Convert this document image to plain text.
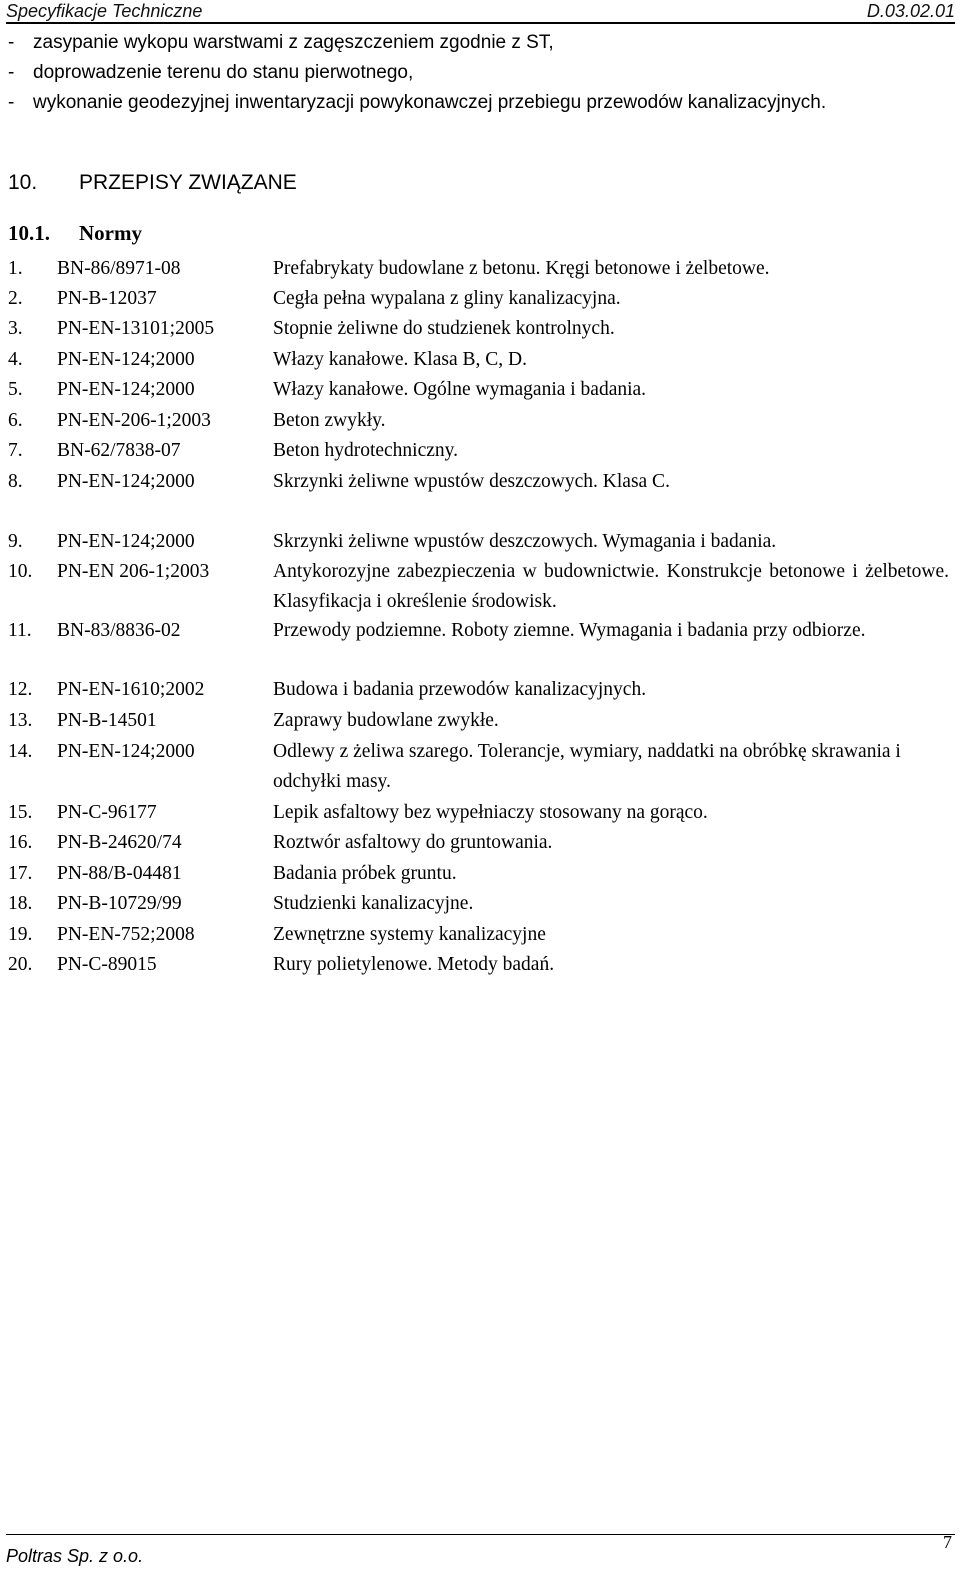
Specyfikacje Techniczne	D.03.02.01
- zasypanie wykopu warstwami z zagęszczeniem zgodnie z ST,
- doprowadzenie terenu do stanu pierwotnego,
- wykonanie geodezyjnej inwentaryzacji powykonawczej przebiegu przewodów kanalizacyjnych.
10. PRZEPISY ZWIĄZANE
10.1. Normy
1. BN-86/8971-08	Prefabrykaty budowlane z betonu. Kręgi betonowe i żelbetowe.
2. PN-B-12037	Cegła pełna wypalana z gliny kanalizacyjna.
3. PN-EN-13101;2005	Stopnie żeliwne do studzienek kontrolnych.
4. PN-EN-124;2000	Włazy kanałowe. Klasa B, C, D.
5. PN-EN-124;2000	Włazy kanałowe. Ogólne wymagania i badania.
6. PN-EN-206-1;2003	Beton zwykły.
7. BN-62/7838-07	Beton hydrotechniczny.
8. PN-EN-124;2000	Skrzynki żeliwne wpustów deszczowych. Klasa C.
9. PN-EN-124;2000	Skrzynki żeliwne wpustów deszczowych. Wymagania i badania.
10. PN-EN 206-1;2003	Antykorozyjne zabezpieczenia w budownictwie. Konstrukcje betonowe i żelbetowe. Klasyfikacja i określenie środowisk.
11. BN-83/8836-02	Przewody podziemne. Roboty ziemne. Wymagania i badania przy odbiorze.
12. PN-EN-1610;2002	Budowa i badania przewodów kanalizacyjnych.
13. PN-B-14501	Zaprawy budowlane zwykłe.
14. PN-EN-124;2000	Odlewy z żeliwa szarego. Tolerancje, wymiary, naddatki na obróbkę skrawania i odchyłki masy.
15. PN-C-96177	Lepik asfaltowy bez wypełniaczy stosowany na gorąco.
16. PN-B-24620/74	Roztwór asfaltowy do gruntowania.
17. PN-88/B-04481	Badania próbek gruntu.
18. PN-B-10729/99	Studzienki kanalizacyjne.
19. PN-EN-752;2008	Zewnętrzne systemy kanalizacyjne
20. PN-C-89015	Rury polietylenowe. Metody badań.
Poltras Sp. z o.o.
7
